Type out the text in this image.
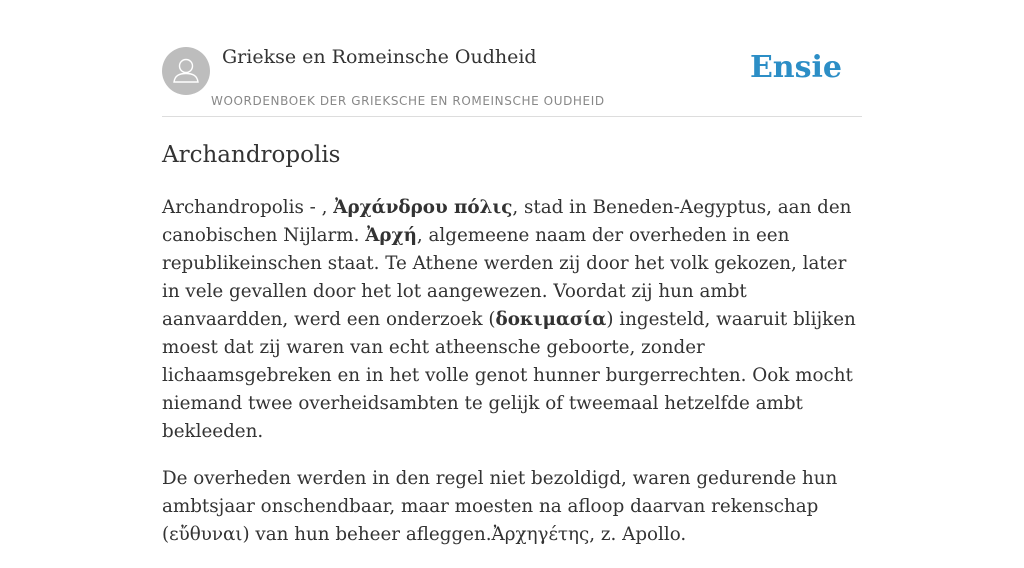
Griekse en Romeinsche Oudheid
WOORDENBOEK DER GRIEKSCHE EN ROMEINSCHE OUDHEID
Ensie
Archandropolis

Archandropolis - , Ἀρχάνδρου πόλις, stad in Beneden-Aegyptus, aan den canobischen Nijlarm. Ἀρχή, algemeene naam der overheden in een republikeinschen staat. Te Athene werden zij door het volk gekozen, later in vele gevallen door het lot aangewezen. Voordat zij hun ambt aanvaardden, werd een onderzoek (δοκιμασία) ingesteld, waaruit blijken moest dat zij waren van echt atheensche geboorte, zonder lichaamsgebreken en in het volle genot hunner burgerrechten. Ook mocht niemand twee overheidsambten te gelijk of tweemaal hetzelfde ambt bekleeden.

De overheden werden in den regel niet bezoldigd, waren gedurende hun ambtsjaar onschendbaar, maar moesten na afloop daarvan rekenschap (εὔθυναι) van hun beheer afleggen.Ἀρχηγέτης, z. Apollo.
